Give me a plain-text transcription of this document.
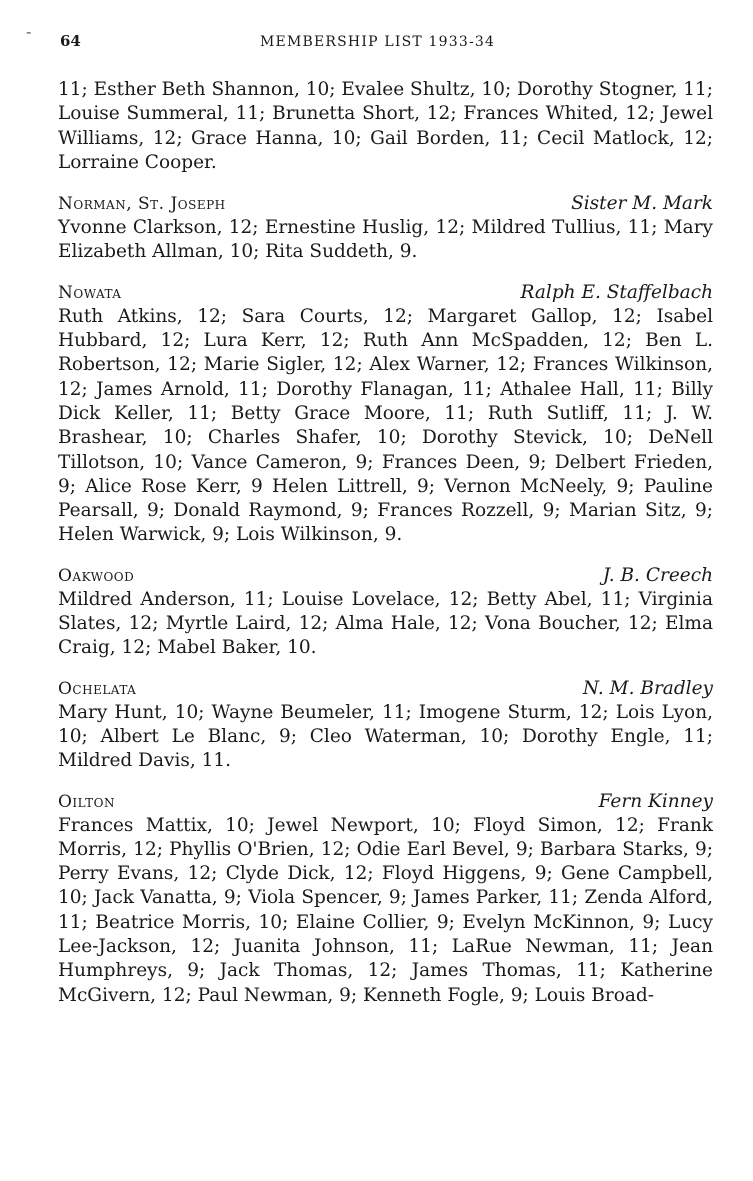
- 64	MEMBERSHIP LIST 1933-34

11; Esther Beth Shannon, 10; Evalee Shultz, 10; Dorothy Stogner, 11; Louise Summeral, 11; Brunetta Short, 12; Frances Whited, 12; Jewel Williams, 12; Grace Hanna, 10; Gail Borden, 11; Cecil Matlock, 12; Lorraine Cooper.

Norman, St. Joseph	Sister M. Mark

Yvonne Clarkson, 12; Ernestine Huslig, 12; Mildred Tullius, 11; Mary Elizabeth Allman, 10; Rita Suddeth, 9.

Nowata	Ralph E. Staffelbach

Ruth Atkins, 12; Sara Courts, 12; Margaret Gallop, 12; Isabel Hubbard, 12; Lura Kerr, 12; Ruth Ann McSpadden, 12; Ben L. Robertson, 12; Marie Sigler, 12; Alex Warner, 12; Frances Wilkinson, 12; James Arnold, 11; Dorothy Flanagan, 11; Athalee Hall, 11; Billy Dick Keller, 11; Betty Grace Moore, 11; Ruth Sutliff, 11; J. W. Brashear, 10; Charles Shafer, 10; Dorothy Stevick, 10; DeNell Tillotson, 10; Vance Cameron, 9; Frances Deen, 9; Delbert Frieden, 9; Alice Rose Kerr, 9 Helen Littrell, 9; Vernon McNeely, 9; Pauline Pearsall, 9; Donald Raymond, 9; Frances Rozzell, 9; Marian Sitz, 9; Helen Warwick, 9; Lois Wilkinson, 9.

Oakwood	J. B. Creech

Mildred Anderson, 11; Louise Lovelace, 12; Betty Abel, 11; Virginia Slates, 12; Myrtle Laird, 12; Alma Hale, 12; Vona Boucher, 12; Elma Craig, 12; Mabel Baker, 10.

Ochelata	N. M. Bradley

Mary Hunt, 10; Wayne Beumeler, 11; Imogene Sturm, 12; Lois Lyon, 10; Albert Le Blanc, 9; Cleo Waterman, 10; Dorothy Engle, 11; Mildred Davis, 11.

Oilton	Fern Kinney

Frances Mattix, 10; Jewel Newport, 10; Floyd Simon, 12; Frank Morris, 12; Phyllis O'Brien, 12; Odie Earl Bevel, 9; Barbara Starks, 9; Perry Evans, 12; Clyde Dick, 12; Floyd Higgens, 9; Gene Campbell, 10; Jack Vanatta, 9; Viola Spencer, 9; James Parker, 11; Zenda Alford, 11; Beatrice Morris, 10; Elaine Collier, 9; Evelyn McKinnon, 9; Lucy Lee-Jackson, 12; Juanita Johnson, 11; LaRue Newman, 11; Jean Humphreys, 9; Jack Thomas, 12; James Thomas, 11; Katherine McGivern, 12; Paul Newman, 9; Kenneth Fogle, 9; Louis Broad-
